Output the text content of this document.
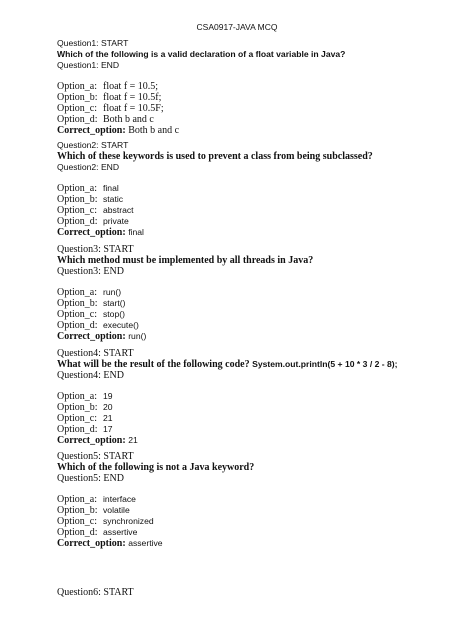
CSA0917-JAVA MCQ
Question1: START
Which of the following is a valid declaration of a float variable in Java?
Question1: END
Option_a: float f = 10.5;
Option_b: float f = 10.5f;
Option_c: float f = 10.5F;
Option_d: Both b and c
Correct_option: Both b and c
Question2: START
Which of these keywords is used to prevent a class from being subclassed?
Question2: END
Option_a: final
Option_b: static
Option_c: abstract
Option_d: private
Correct_option: final
Question3: START
Which method must be implemented by all threads in Java?
Question3: END
Option_a: run()
Option_b: start()
Option_c: stop()
Option_d: execute()
Correct_option: run()
Question4: START
What will be the result of the following code? System.out.println(5 + 10 * 3 / 2 - 8);
Question4: END
Option_a: 19
Option_b: 20
Option_c: 21
Option_d: 17
Correct_option: 21
Question5: START
Which of the following is not a Java keyword?
Question5: END
Option_a: interface
Option_b: volatile
Option_c: synchronized
Option_d: assertive
Correct_option: assertive
Question6: START
